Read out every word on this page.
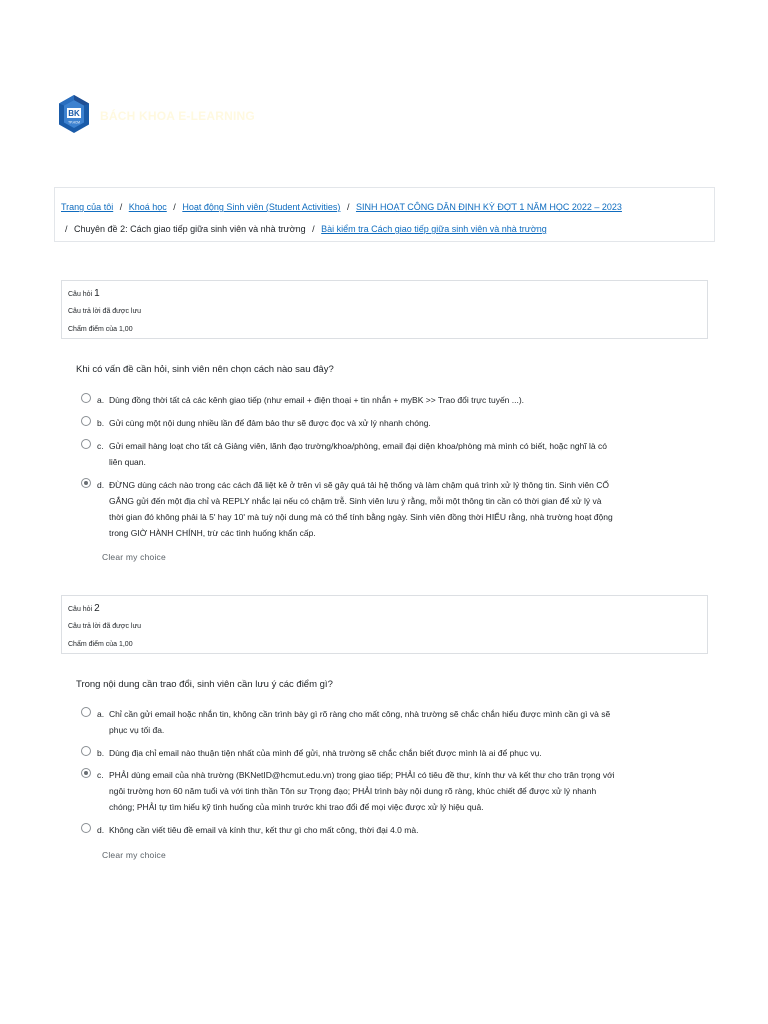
BK
TP.HCM BÁCH KHOA E-LEARNING
Trang của tôi / Khoá học / Hoạt động Sinh viên (Student Activities) / SINH HOẠT CÔNG DÂN ĐỊNH KỲ ĐỢT 1 NĂM HỌC 2022 – 2023
/ Chuyên đề 2: Cách giao tiếp giữa sinh viên và nhà trường / Bài kiểm tra Cách giao tiếp giữa sinh viên và nhà trường
Câu hỏi 1
Câu trả lời đã được lưu
Chấm điểm của 1,00
Khi có vấn đề cần hỏi, sinh viên nên chọn cách nào sau đây?
a. Dùng đồng thời tất cả các kênh giao tiếp (như email + điện thoại + tin nhắn + myBK >> Trao đổi trực tuyến ...).
b. Gửi cùng một nội dung nhiều lần để đảm bảo thư sẽ được đọc và xử lý nhanh chóng.
c. Gửi email hàng loạt cho tất cả Giảng viên, lãnh đạo trường/khoa/phòng, email đại diện khoa/phòng mà mình có biết, hoặc nghĩ là có
liên quan.
d. ĐỪNG dùng cách nào trong các cách đã liệt kê ở trên vì sẽ gây quá tải hệ thống và làm chậm quá trình xử lý thông tin. Sinh viên CỐ
GẮNG gửi đến một địa chỉ và REPLY nhắc lại nếu có chậm trễ. Sinh viên lưu ý rằng, mỗi một thông tin cần có thời gian để xử lý và
thời gian đó không phải là 5' hay 10' mà tuỳ nội dung mà có thể tính bằng ngày. Sinh viên đồng thời HIỂU rằng, nhà trường hoạt động
trong GIỜ HÀNH CHÍNH, trừ các tình huống khẩn cấp.
Clear my choice
Câu hỏi 2
Câu trả lời đã được lưu
Chấm điểm của 1,00
Trong nội dung cần trao đổi, sinh viên cần lưu ý các điểm gì?
a. Chỉ cần gửi email hoặc nhắn tin, không cần trình bày gì rõ ràng cho mất công, nhà trường sẽ chắc chắn hiểu được mình cần gì và sẽ
phục vụ tối đa.
b. Dùng địa chỉ email nào thuận tiện nhất của mình để gửi, nhà trường sẽ chắc chắn biết được mình là ai để phục vụ.
c. PHẢI dùng email của nhà trường (BKNetID@hcmut.edu.vn) trong giao tiếp; PHẢI có tiêu đề thư, kính thư và kết thư cho trân trọng với
ngôi trường hơn 60 năm tuổi và với tinh thần Tôn sư Trọng đạo; PHẢI trình bày nội dung rõ ràng, khúc chiết để được xử lý nhanh
chóng; PHẢI tự tìm hiểu kỹ tình huống của mình trước khi trao đổi để mọi việc được xử lý hiệu quả.
d. Không cần viết tiêu đề email và kính thư, kết thư gì cho mất công, thời đại 4.0 mà.
Clear my choice
